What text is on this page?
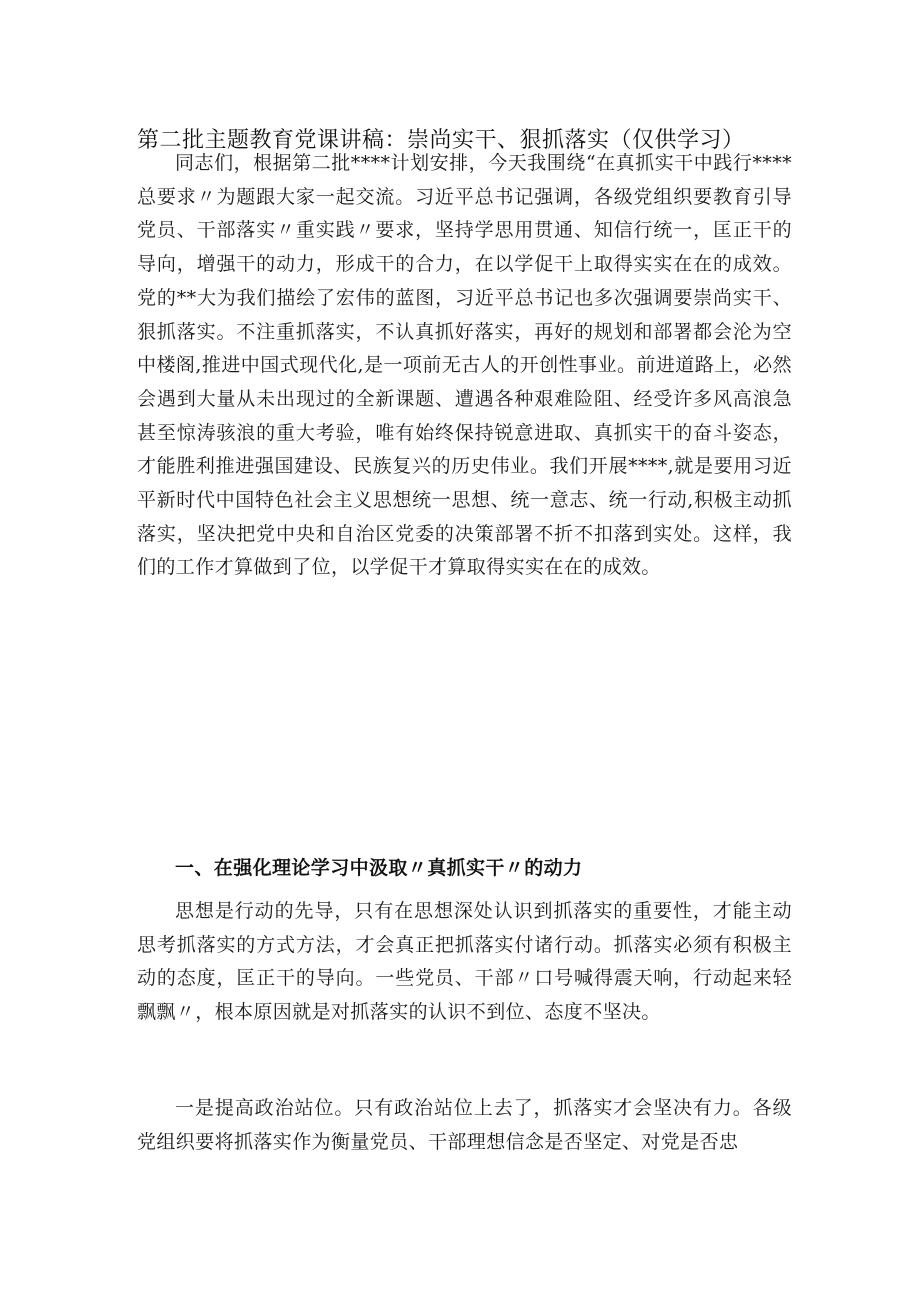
第二批主题教育党课讲稿：崇尚实干、狠抓落实（仅供学习）

同志们，根据第二批****计划安排，今天我围绕“在真抓实干中践行****总要求〃为题跟大家一起交流。习近平总书记强调，各级党组织要教育引导党员、干部落实〃重实践〃要求，坚持学思用贯通、知信行统一，匡正干的导向，增强干的动力，形成干的合力，在以学促干上取得实实在在的成效。党的**大为我们描绘了宏伟的蓝图，习近平总书记也多次强调要崇尚实干、狠抓落实。不注重抓落实，不认真抓好落实，再好的规划和部署都会沦为空中楼阁,推进中国式现代化,是一项前无古人的开创性事业。前进道路上，必然会遇到大量从未出现过的全新课题、遭遇各种艰难险阻、经受许多风高浪急甚至惊涛骇浪的重大考验，唯有始终保持锐意进取、真抓实干的奋斗姿态，才能胜利推进强国建设、民族复兴的历史伟业。我们开展****,就是要用习近平新时代中国特色社会主义思想统一思想、统一意志、统一行动,积极主动抓落实，坚决把党中央和自治区党委的决策部署不折不扣落到实处。这样，我们的工作才算做到了位，以学促干才算取得实实在在的成效。

一、在强化理论学习中汲取〃真抓实干〃的动力

思想是行动的先导，只有在思想深处认识到抓落实的重要性，才能主动思考抓落实的方式方法，才会真正把抓落实付诸行动。抓落实必须有积极主动的态度，匡正干的导向。一些党员、干部〃口号喊得震天响，行动起来轻飘飘〃，根本原因就是对抓落实的认识不到位、态度不坚决。

一是提高政治站位。只有政治站位上去了，抓落实才会坚决有力。各级党组织要将抓落实作为衡量党员、干部理想信念是否坚定、对党是否忠
